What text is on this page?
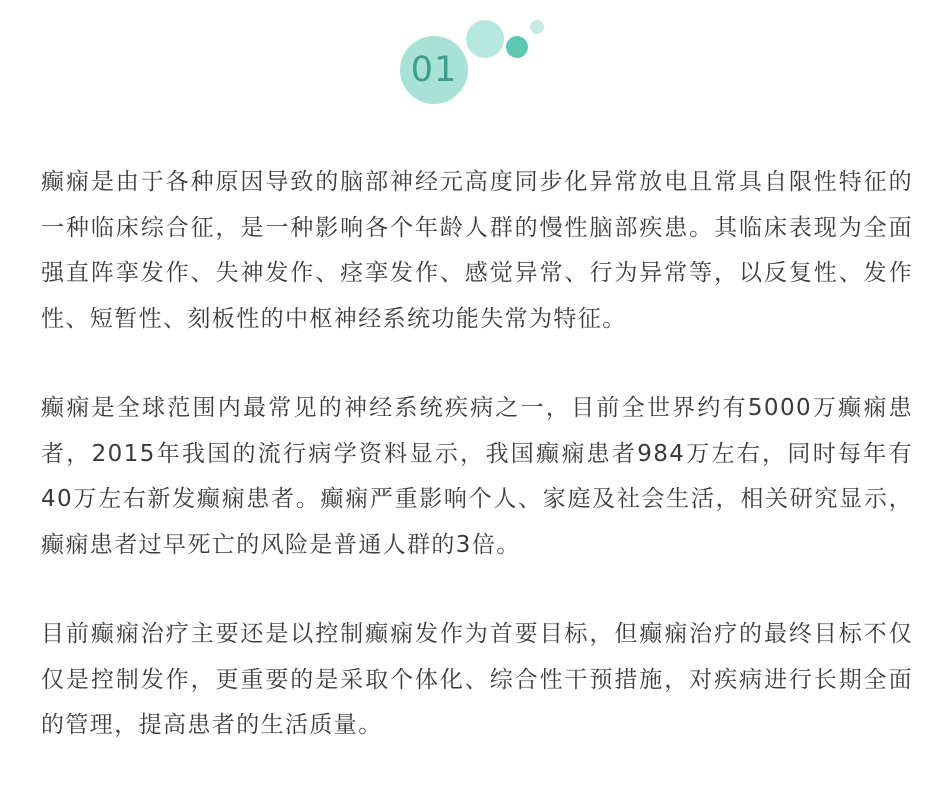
01

癫痫是由于各种原因导致的脑部神经元高度同步化异常放电且常具自限性特征的一种临床综合征，是一种影响各个年龄人群的慢性脑部疾患。其临床表现为全面强直阵挛发作、失神发作、痉挛发作、感觉异常、行为异常等，以反复性、发作性、短暂性、刻板性的中枢神经系统功能失常为特征。

癫痫是全球范围内最常见的神经系统疾病之一，目前全世界约有5000万癫痫患者，2015年我国的流行病学资料显示，我国癫痫患者984万左右，同时每年有40万左右新发癫痫患者。癫痫严重影响个人、家庭及社会生活，相关研究显示，癫痫患者过早死亡的风险是普通人群的3倍。

目前癫痫治疗主要还是以控制癫痫发作为首要目标，但癫痫治疗的最终目标不仅仅是控制发作，更重要的是采取个体化、综合性干预措施，对疾病进行长期全面的管理，提高患者的生活质量。
